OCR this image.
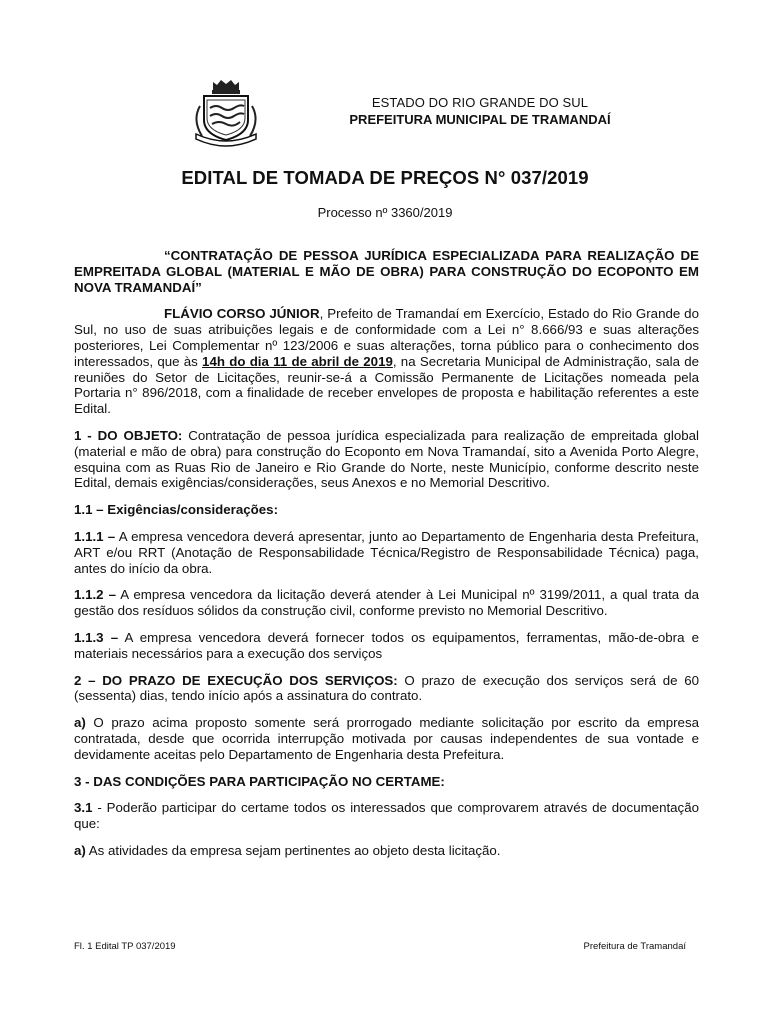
ESTADO DO RIO GRANDE DO SUL
PREFEITURA MUNICIPAL DE TRAMANDAÍ
EDITAL DE TOMADA DE PREÇOS N° 037/2019
Processo nº 3360/2019

“CONTRATAÇÃO DE PESSOA JURÍDICA ESPECIALIZADA PARA REALIZAÇÃO DE EMPREITADA GLOBAL (MATERIAL E MÃO DE OBRA) PARA CONSTRUÇÃO DO ECOPONTO EM NOVA TRAMANDAÍ”

FLÁVIO CORSO JÚNIOR, Prefeito de Tramandaí em Exercício, Estado do Rio Grande do Sul, no uso de suas atribuições legais e de conformidade com a Lei n° 8.666/93 e suas alterações posteriores, Lei Complementar nº 123/2006 e suas alterações, torna público para o conhecimento dos interessados, que às 14h do dia 11 de abril de 2019, na Secretaria Municipal de Administração, sala de reuniões do Setor de Licitações, reunir-se-á a Comissão Permanente de Licitações nomeada pela Portaria n° 896/2018, com a finalidade de receber envelopes de proposta e habilitação referentes a este Edital.

1 - DO OBJETO: Contratação de pessoa jurídica especializada para realização de empreitada global (material e mão de obra) para construção do Ecoponto em Nova Tramandaí, sito a Avenida Porto Alegre, esquina com as Ruas Rio de Janeiro e Rio Grande do Norte, neste Município, conforme descrito neste Edital, demais exigências/considerações, seus Anexos e no Memorial Descritivo.

1.1 – Exigências/considerações:

1.1.1 – A empresa vencedora deverá apresentar, junto ao Departamento de Engenharia desta Prefeitura, ART e/ou RRT (Anotação de Responsabilidade Técnica/Registro de Responsabilidade Técnica) paga, antes do início da obra.

1.1.2 – A empresa vencedora da licitação deverá atender à Lei Municipal nº 3199/2011, a qual trata da gestão dos resíduos sólidos da construção civil, conforme previsto no Memorial Descritivo.

1.1.3 – A empresa vencedora deverá fornecer todos os equipamentos, ferramentas, mão-de-obra e materiais necessários para a execução dos serviços

2 – DO PRAZO DE EXECUÇÃO DOS SERVIÇOS: O prazo de execução dos serviços será de 60 (sessenta) dias, tendo início após a assinatura do contrato.

a) O prazo acima proposto somente será prorrogado mediante solicitação por escrito da empresa contratada, desde que ocorrida interrupção motivada por causas independentes de sua vontade e devidamente aceitas pelo Departamento de Engenharia desta Prefeitura.

3 - DAS CONDIÇÕES PARA PARTICIPAÇÃO NO CERTAME:

3.1 - Poderão participar do certame todos os interessados que comprovarem através de documentação que:

a) As atividades da empresa sejam pertinentes ao objeto desta licitação.

Fl. 1 Edital TP 037/2019	Prefeitura de Tramandaí
